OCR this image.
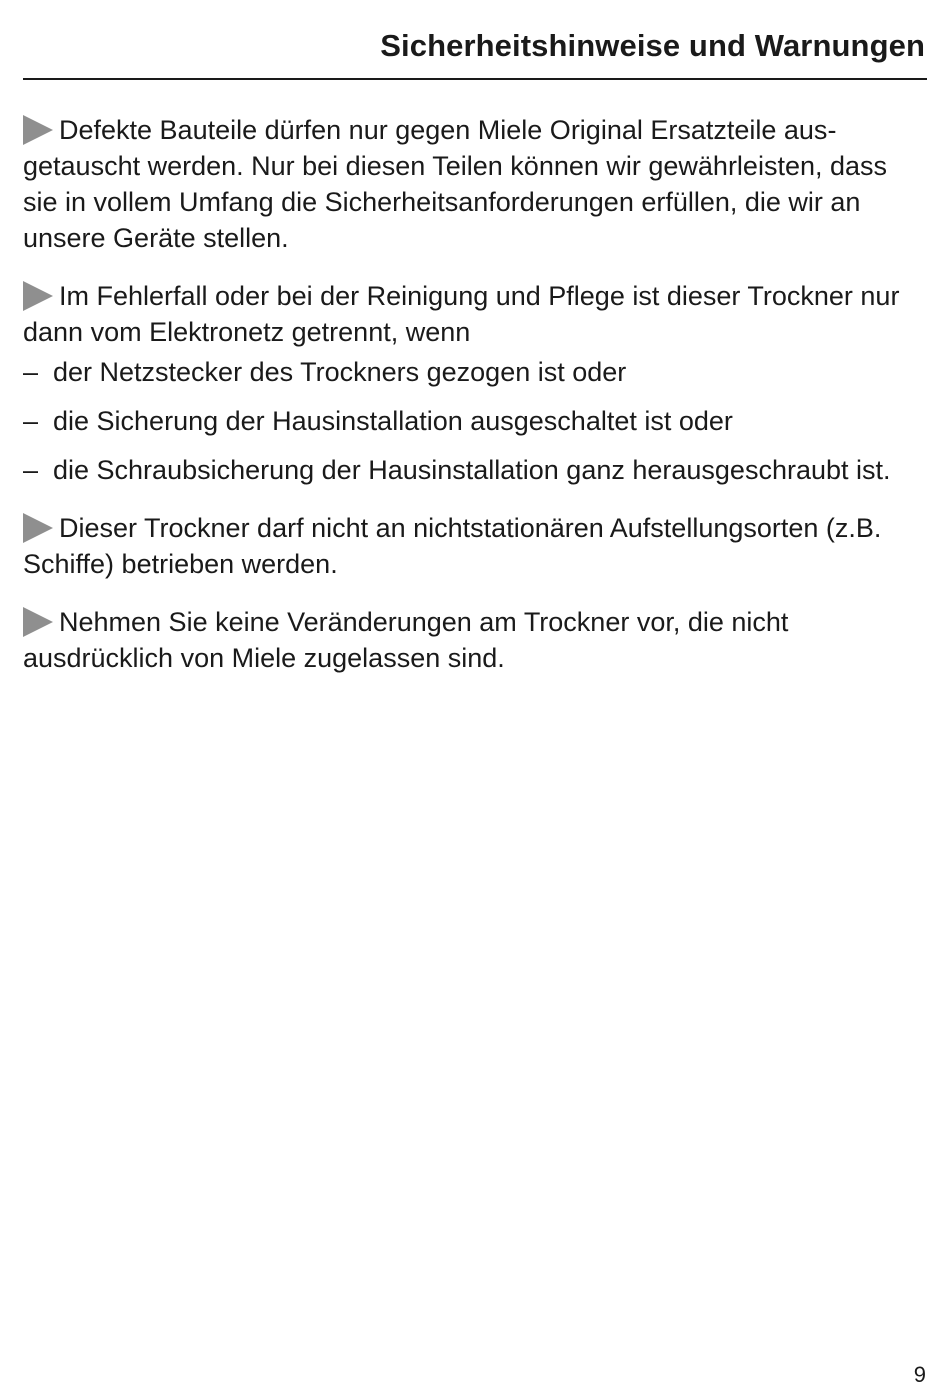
Sicherheitshinweise und Warnungen

Defekte Bauteile dürfen nur gegen Miele Original Ersatzteile ausgetauscht werden. Nur bei diesen Teilen können wir gewährleisten, dass sie in vollem Umfang die Sicherheitsanforderungen erfüllen, die wir an unsere Geräte stellen.

Im Fehlerfall oder bei der Reinigung und Pflege ist dieser Trockner nur dann vom Elektronetz getrennt, wenn

– der Netzstecker des Trockners gezogen ist oder
– die Sicherung der Hausinstallation ausgeschaltet ist oder
– die Schraubsicherung der Hausinstallation ganz herausgeschraubt ist.

Dieser Trockner darf nicht an nichtstationären Aufstellungsorten (z.B. Schiffe) betrieben werden.

Nehmen Sie keine Veränderungen am Trockner vor, die nicht ausdrücklich von Miele zugelassen sind.

9
